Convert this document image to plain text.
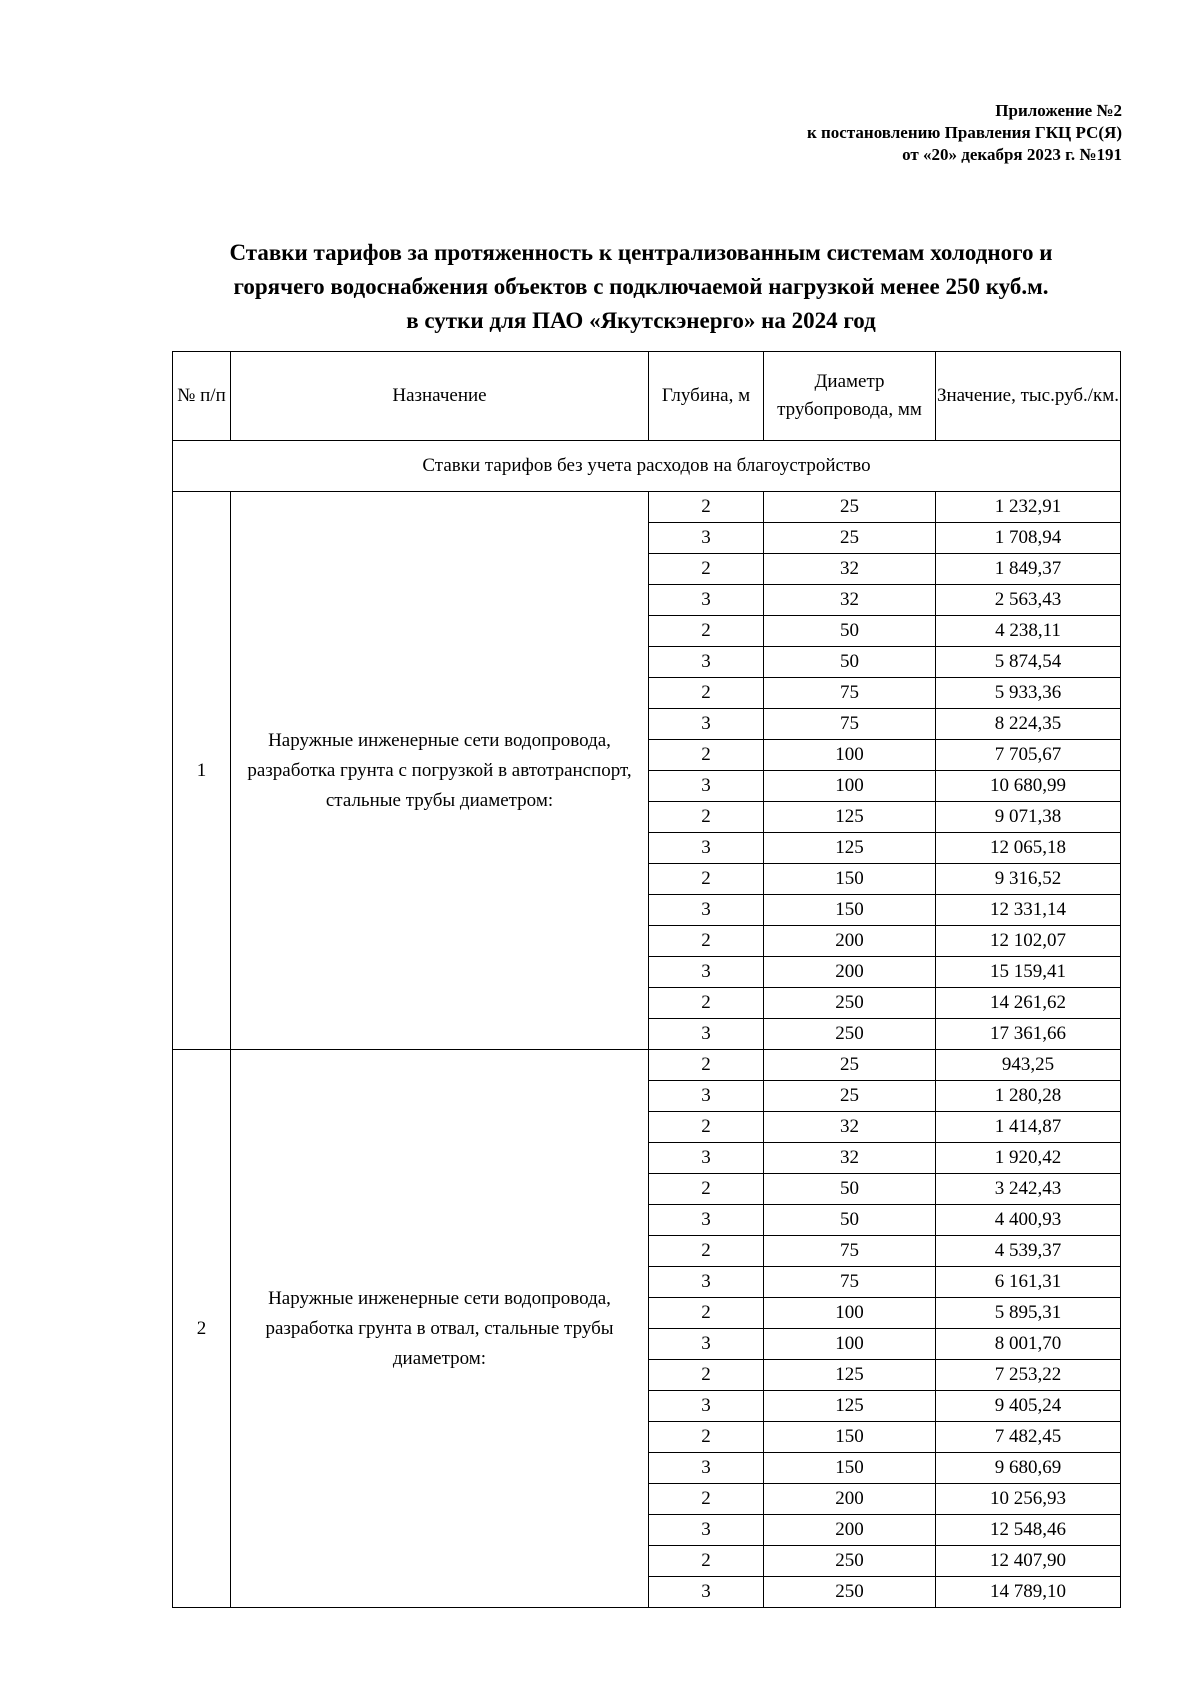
Приложение №2
к постановлению Правления ГКЦ РС(Я)
от «20» декабря 2023 г. №191
Ставки тарифов за протяженность к централизованным системам холодного и
горячего водоснабжения объектов с подключаемой нагрузкой менее 250 куб.м.
в сутки для ПАО «Якутскэнерго» на 2024 год
№ п/п	Назначение	Глубина, м	Диаметр трубопровода, мм	Значение, тыс.руб./км.
Ставки тарифов без учета расходов на благоустройство				
1	Наружные инженерные сети водопровода, разработка грунта с погрузкой в автотранспорт, стальные трубы диаметром:	2	25	1 232,91
		3	25	1 708,94
		2	32	1 849,37
		3	32	2 563,43
		2	50	4 238,11
		3	50	5 874,54
		2	75	5 933,36
		3	75	8 224,35
		2	100	7 705,67
		3	100	10 680,99
		2	125	9 071,38
		3	125	12 065,18
		2	150	9 316,52
		3	150	12 331,14
		2	200	12 102,07
		3	200	15 159,41
		2	250	14 261,62
		3	250	17 361,66
2	Наружные инженерные сети водопровода, разработка грунта в отвал, стальные трубы диаметром:	2	25	943,25
		3	25	1 280,28
		2	32	1 414,87
		3	32	1 920,42
		2	50	3 242,43
		3	50	4 400,93
		2	75	4 539,37
		3	75	6 161,31
		2	100	5 895,31
		3	100	8 001,70
		2	125	7 253,22
		3	125	9 405,24
		2	150	7 482,45
		3	150	9 680,69
		2	200	10 256,93
		3	200	12 548,46
		2	250	12 407,90
		3	250	14 789,10
